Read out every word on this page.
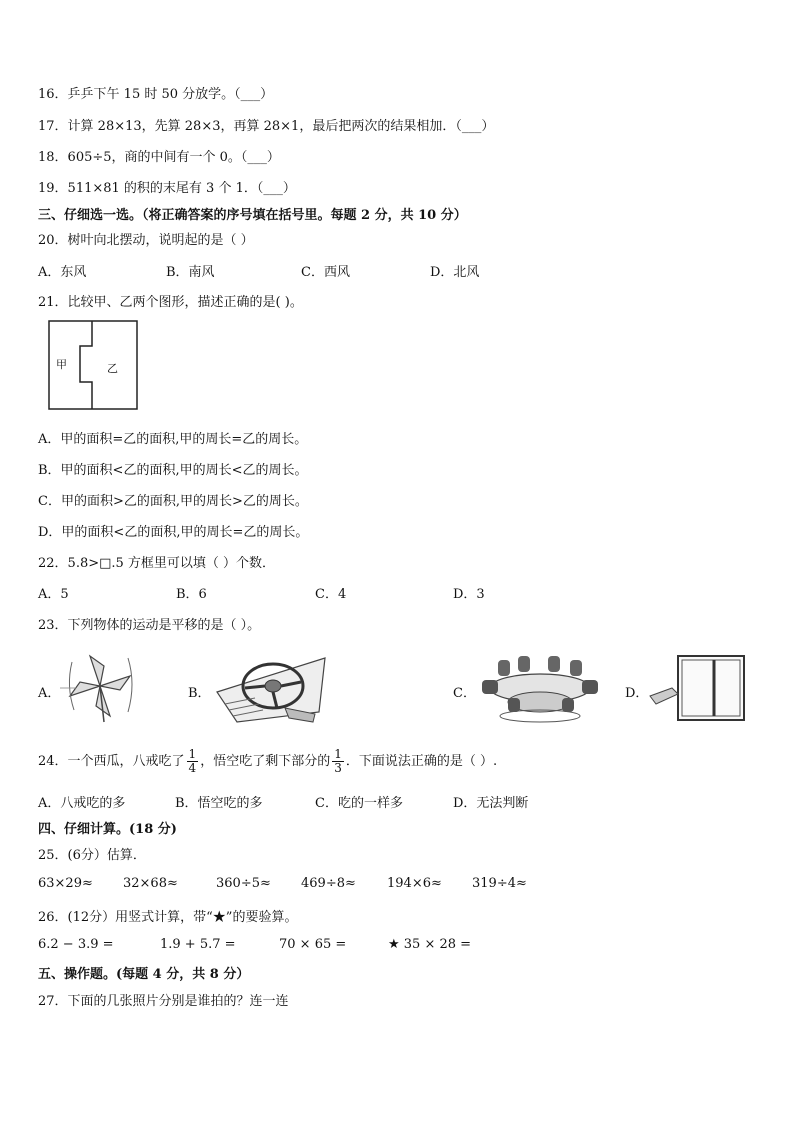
16．乒乒下午 15 时 50 分放学。（___）
17．计算 28×13，先算 28×3，再算 28×1，最后把两次的结果相加．（___）
18．605÷5，商的中间有一个 0。（___）
19．511×81 的积的末尾有 3 个 1．（___）
三、仔细选一选。（将正确答案的序号填在括号里。每题 2 分，共 10 分）
20．树叶向北摆动，说明起的是（ ）
A．东风	B．南风	C．西风	D．北风
21．比较甲、乙两个图形，描述正确的是( )。
甲	乙
A．甲的面积=乙的面积,甲的周长=乙的周长。
B．甲的面积<乙的面积,甲的周长<乙的周长。
C．甲的面积>乙的面积,甲的周长>乙的周长。
D．甲的面积<乙的面积,甲的周长=乙的周长。
22．5.8>□.5 方框里可以填（ ）个数．
A．5	B．6	C．4	D．3
23．下列物体的运动是平移的是（ ）。
A．	B．	C．	D．
24．一个西瓜，八戒吃了 $\frac{1}{4}$ ，悟空吃了剩下部分的 $\frac{1}{3}$ ．下面说法正确的是（ ）.
A．八戒吃的多	B．悟空吃的多	C．吃的一样多	D．无法判断
四、仔细计算。(18 分)
25．(6分）估算．
63×29≈ 32×68≈	360÷5≈ 469÷8≈ 194×6≈ 319÷4≈
26．(12分）用竖式计算，带“★”的要验算。
6.2 − 3.9 =	1.9 + 5.7 =	70 × 65 =	★ 35 × 28 =
五、操作题。(每题 4 分，共 8 分）
27．下面的几张照片分别是谁拍的？连一连
